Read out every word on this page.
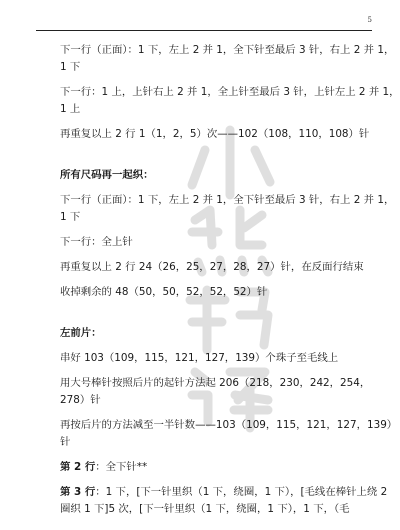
5

下一行（正面）：1 下，左上 2 并 1，全下针至最后 3 针，右上 2 并 1，

1 下

下一行：1 上，上针右上 2 并 1，全上针至最后 3 针，上针左上 2 并 1，

1 上

再重复以上 2 行 1（1，2，5）次——102（108，110，108）针

所有尺码再一起织：

下一行（正面）：1 下，左上 2 并 1，全下针至最后 3 针，右上 2 并 1，

1 下

下一行：全上针

再重复以上 2 行 24（26，25，27，28，27）针，在反面行结束

收掉剩余的 48（50，50，52，52，52）针

左前片：

串好 103（109，115，121，127，139）个珠子至毛线上

用大号棒针按照后片的起针方法起 206（218，230，242，254，

278）针

再按后片的方法减至一半针数——103（109，115，121，127，139）

针

第 2 行：全下针**

第 3 行：1 下，[下一针里织（1 下，绕圈，1 下），[毛线在棒针上绕 2

圈织 1 下]5 次，[下一针里织（1 下，绕圈，1 下），1 下，（毛
